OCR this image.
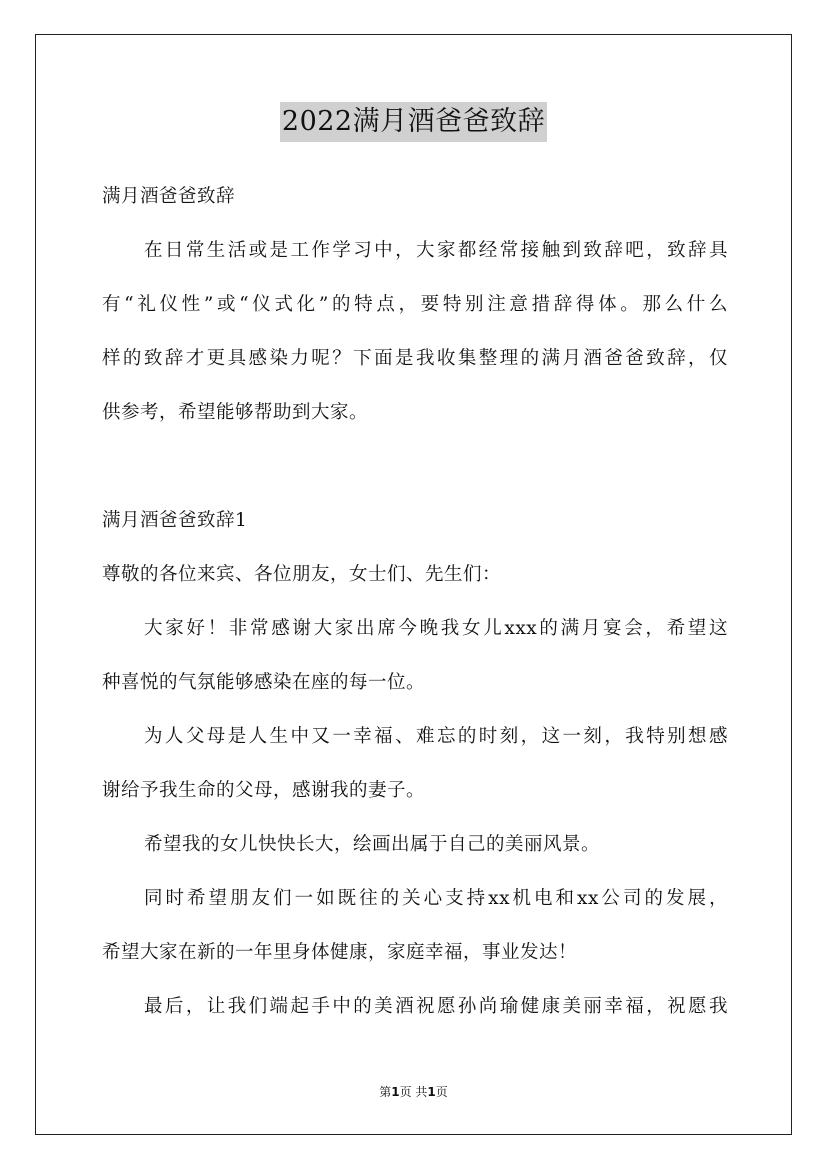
2022满月酒爸爸致辞
满月酒爸爸致辞
在日常生活或是工作学习中，大家都经常接触到致辞吧，致辞具
有“礼仪性”或“仪式化”的特点，要特别注意措辞得体。那么什么
样的致辞才更具感染力呢？下面是我收集整理的满月酒爸爸致辞，仅
供参考，希望能够帮助到大家。
满月酒爸爸致辞1
尊敬的各位来宾、各位朋友，女士们、先生们：
大家好！非常感谢大家出席今晚我女儿xxx的满月宴会，希望这
种喜悦的气氛能够感染在座的每一位。
为人父母是人生中又一幸福、难忘的时刻，这一刻，我特别想感
谢给予我生命的父母，感谢我的妻子。
希望我的女儿快快长大，绘画出属于自己的美丽风景。
同时希望朋友们一如既往的关心支持xx机电和xx公司的发展，
希望大家在新的一年里身体健康，家庭幸福，事业发达！
最后，让我们端起手中的美酒祝愿孙尚瑜健康美丽幸福，祝愿我
第1页 共1页
